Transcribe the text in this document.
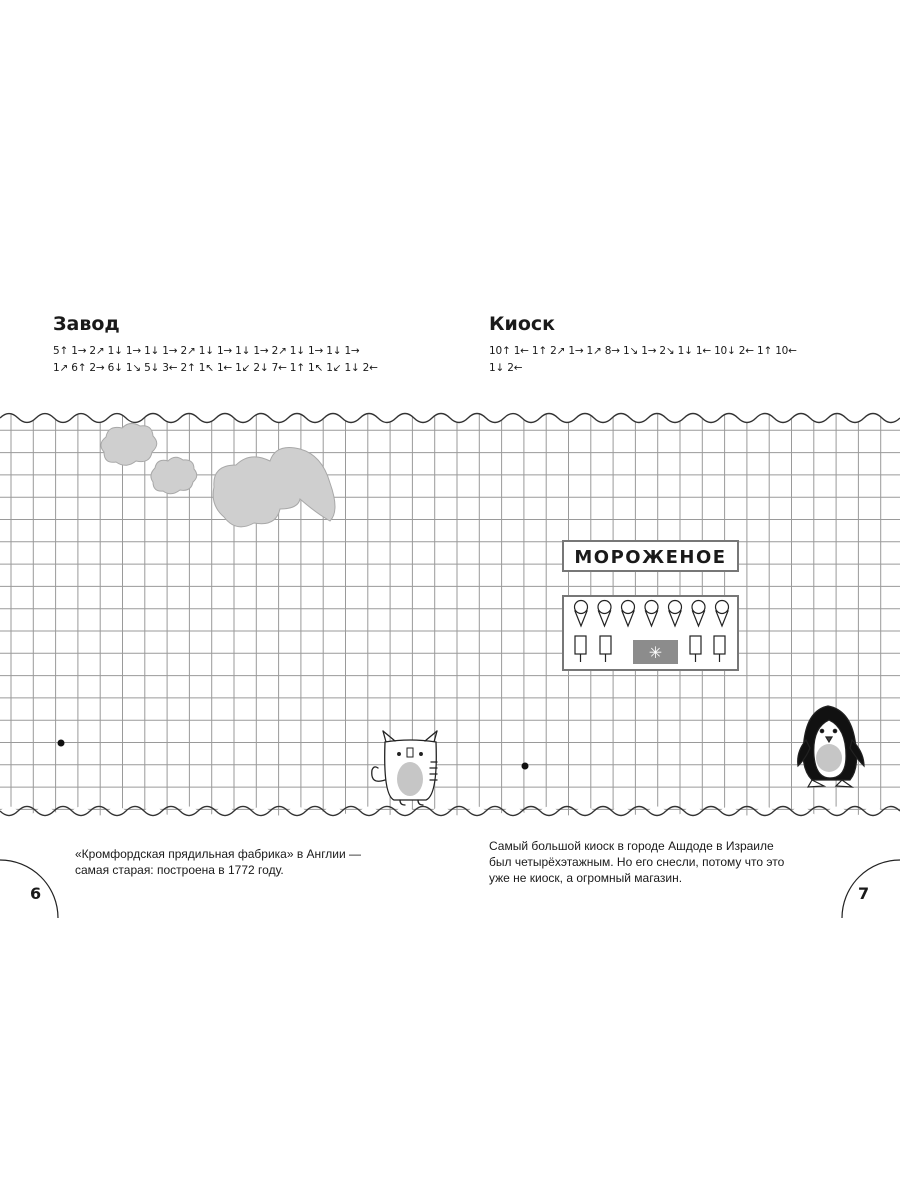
Завод	Киоск
5↑ 1→ 2↗ 1↓ 1→ 1↓ 1→ 2↗ 1↓ 1→ 1↓ 1→ 2↗ 1↓ 1→ 1↓ 1→
1↗ 6↑ 2→ 6↓ 1↘ 5↓ 3← 2↑ 1↖ 1← 1↙ 2↓ 7← 1↑ 1↖ 1↙ 1↓ 2←
10↑ 1← 1↑ 2↗ 1→ 1↗ 8→ 1↘ 1→ 2↘ 1↓ 1← 10↓ 2← 1↑ 10←
1↓ 2←
МОРОЖЕНОЕ
✳

«Кромфордская прядильная фабрика» в Англии —
самая старая: построена в 1772 году.

Самый большой киоск в городе Ашдоде в Израиле
был четырёхэтажным. Но его снесли, потому что это
уже не киоск, а огромный магазин.

6	7
